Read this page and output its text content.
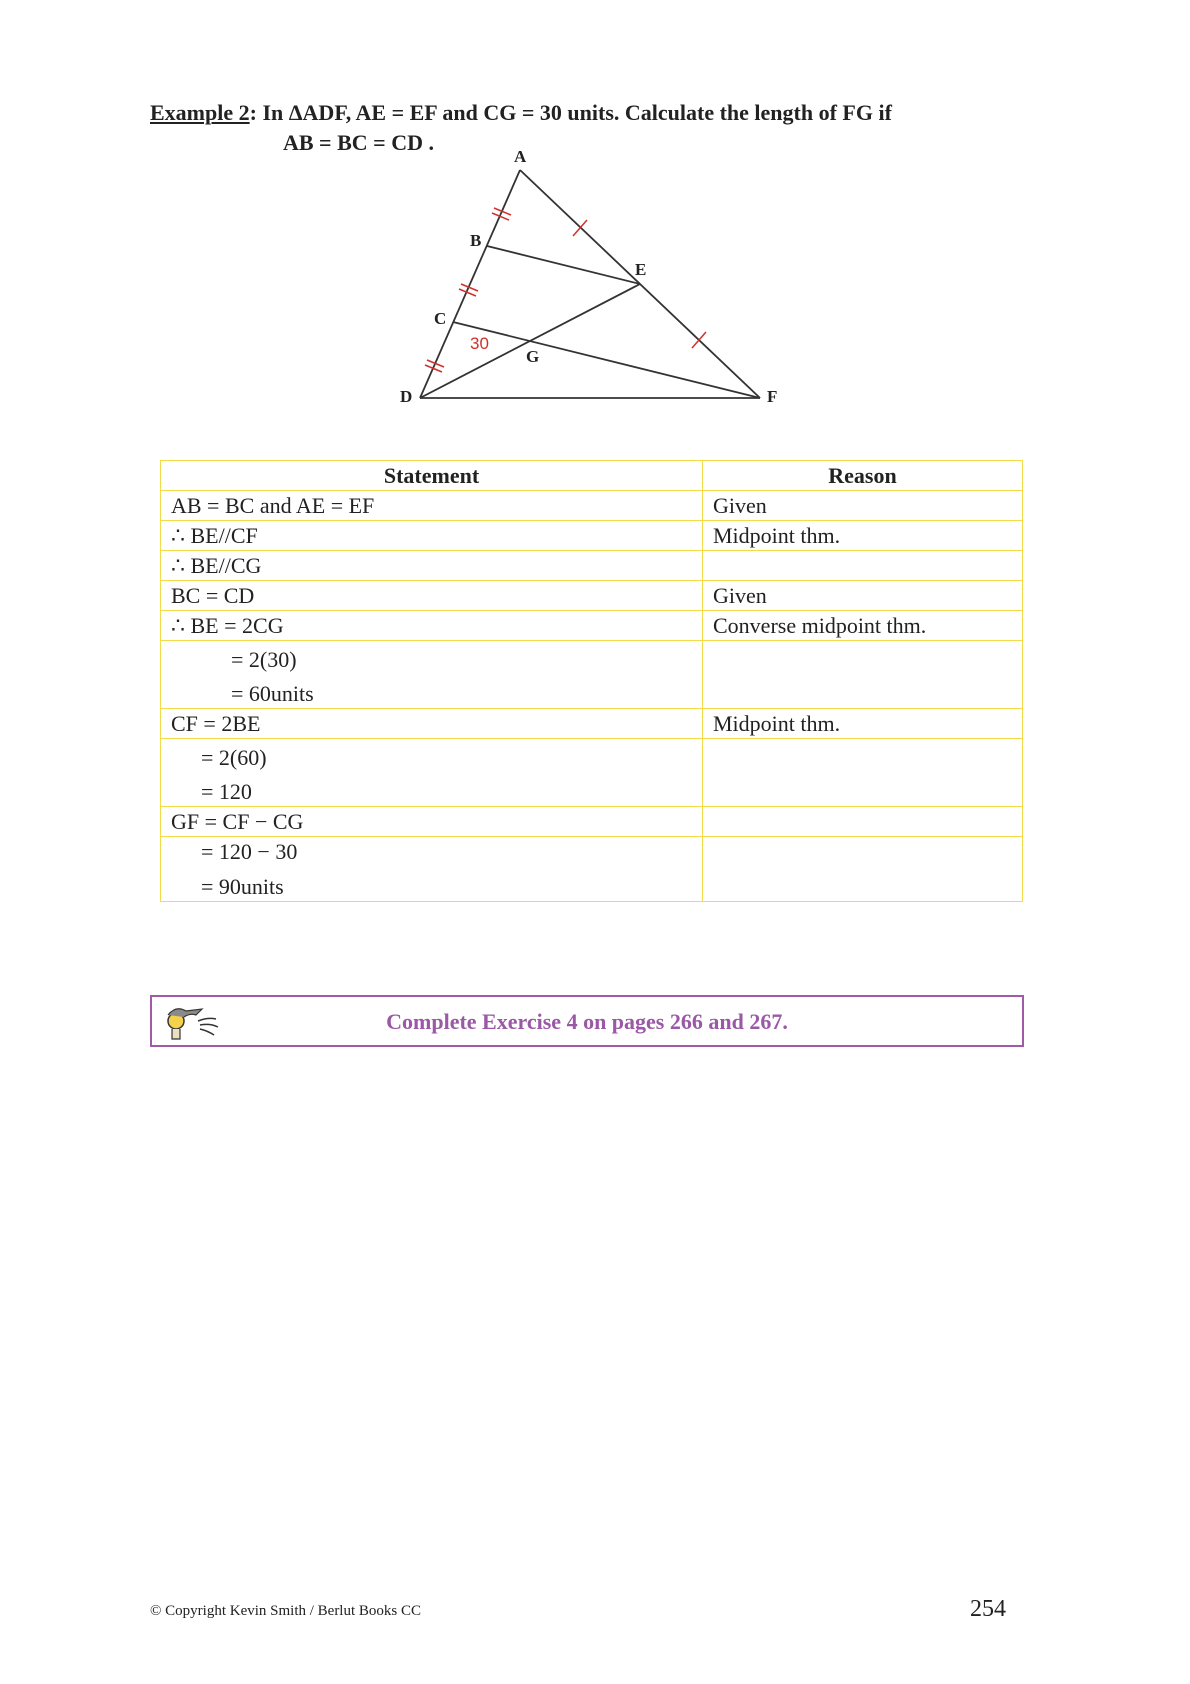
Example 2: In ΔADF, AE = EF and CG = 30 units. Calculate the length of FG if
AB = BC = CD .
A
B
C
D
E
F
G
30
Statement	Reason
AB = BC and AE = EF	Given
∴ BE//CF	Midpoint thm.
∴ BE//CG	
BC = CD	Given
∴ BE = 2CG	Converse midpoint thm.

= 2(30)
= 60units	

CF = 2BE	Midpoint thm.

= 2(60)
= 120	

GF = CF − CG	

= 120 − 30
= 90units	

Complete Exercise 4 on pages 266 and 267.
© Copyright Kevin Smith / Berlut Books CC	254
